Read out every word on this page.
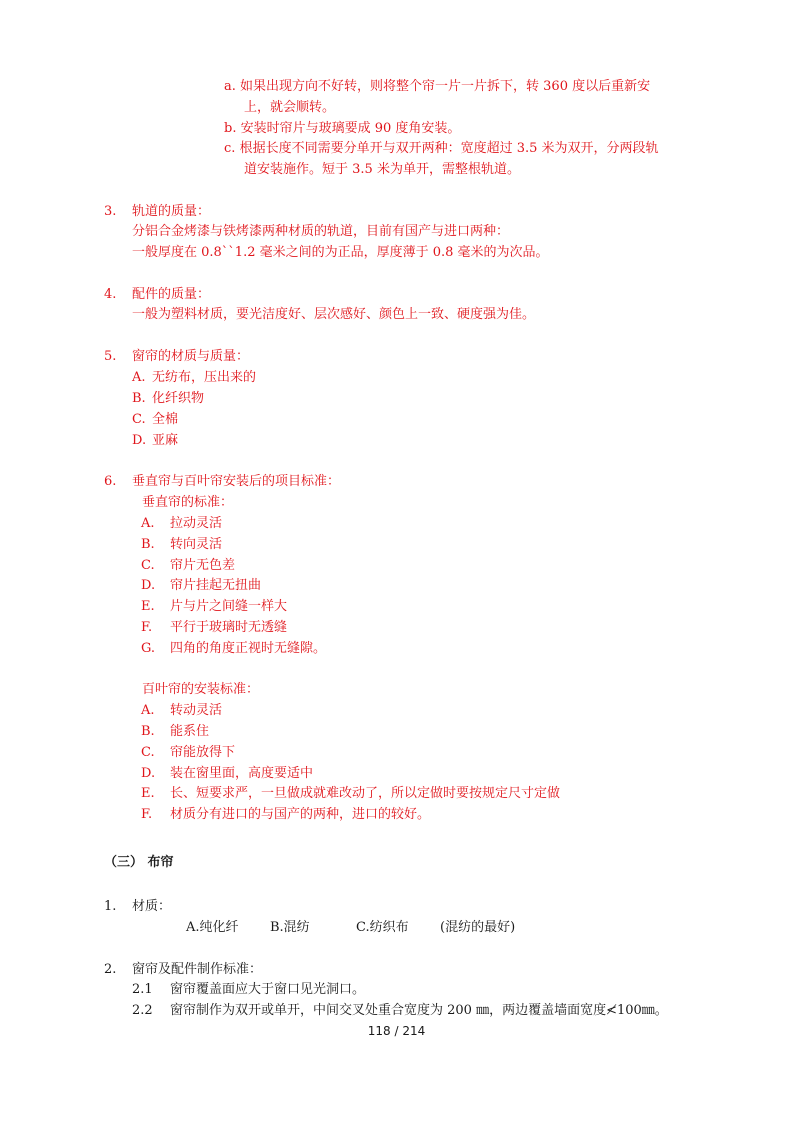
a. 如果出现方向不好转，则将整个帘一片一片拆下，转 360 度以后重新安
上，就会顺转。
b. 安装时帘片与玻璃要成 90 度角安装。
c. 根据长度不同需要分单开与双开两种：宽度超过 3.5 米为双开，分两段轨
道安装施作。短于 3.5 米为单开，需整根轨道。
3. 轨道的质量：
分铝合金烤漆与铁烤漆两种材质的轨道，目前有国产与进口两种：
一般厚度在 0.8``1.2 毫米之间的为正品，厚度薄于 0.8 毫米的为次品。
4. 配件的质量：
一般为塑料材质，要光洁度好、层次感好、颜色上一致、硬度强为佳。
5. 窗帘的材质与质量：
A. 无纺布，压出来的
B. 化纤织物
C. 全棉
D. 亚麻
6. 垂直帘与百叶帘安装后的项目标准：
垂直帘的标准：
A. 拉动灵活
B. 转向灵活
C. 帘片无色差
D. 帘片挂起无扭曲
E. 片与片之间缝一样大
F. 平行于玻璃时无透缝
G. 四角的角度正视时无缝隙。
百叶帘的安装标准：
A. 转动灵活
B. 能系住
C. 帘能放得下
D. 装在窗里面，高度要适中
E. 长、短要求严，一旦做成就难改动了，所以定做时要按规定尺寸定做
F. 材质分有进口的与国产的两种，进口的较好。
（三） 布帘
1. 材质：
A.纯化纤 B.混纺	C.纺织布 (混纺的最好)
2. 窗帘及配件制作标准：
2.1 窗帘覆盖面应大于窗口见光洞口。
2.2 窗帘制作为双开或单开，中间交叉处重合宽度为 200 ㎜，两边覆盖墙面宽度≮100㎜。
118 / 214
